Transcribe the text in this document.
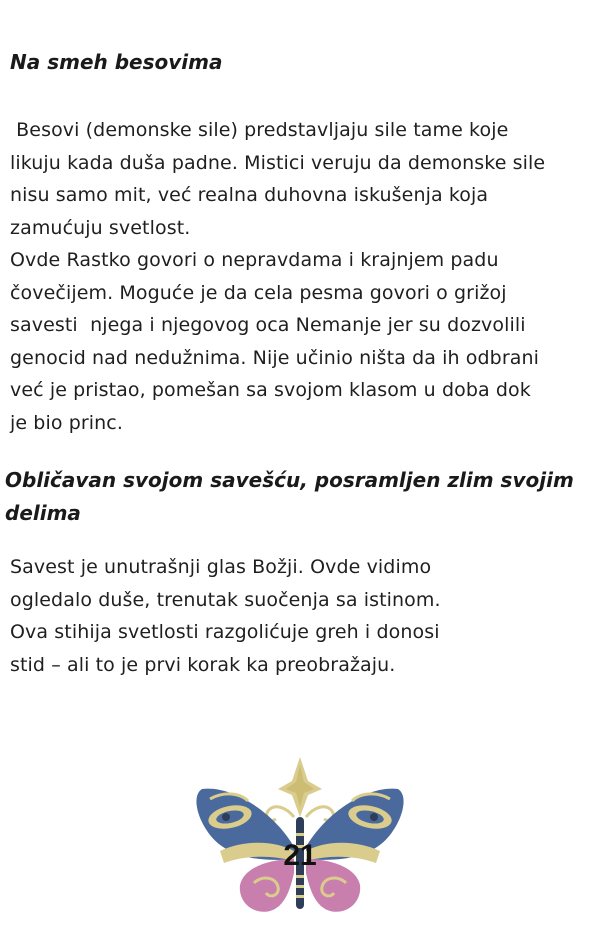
Na smeh besovima

Besovi (demonske sile) predstavljaju sile tame koje
likuju kada duša padne. Mistici veruju da demonske sile
nisu samo mit, već realna duhovna iskušenja koja
zamućuju svetlost.
Ovde Rastko govori o nepravdama i krajnjem padu
čovečijem. Moguće je da cela pesma govori o grižoj
savesti  njega i njegovog oca Nemanje jer su dozvolili
genocid nad nedužnima. Nije učinio ništa da ih odbrani
već je pristao, pomešan sa svojom klasom u doba dok
je bio princ.

Obličavan svojom savešću, posramljen zlim svojim
delima

Savest je unutrašnji glas Božji. Ovde vidimo
ogledalo duše, trenutak suočenja sa istinom.
Ova stihija svetlosti razgolićuje greh i donosi
stid – ali to je prvi korak ka preobražaju.

21
